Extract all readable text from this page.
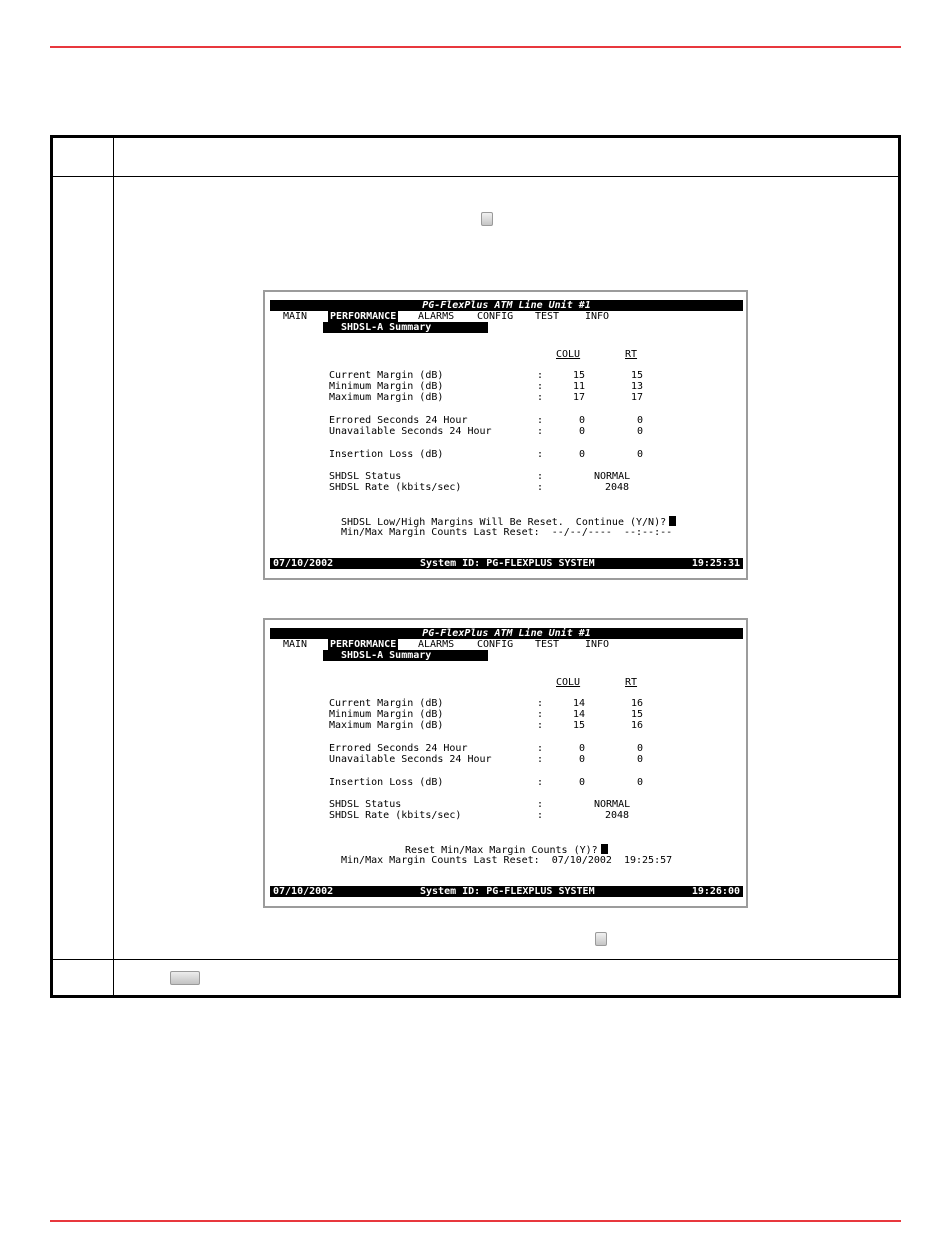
PG-FlexPlus ATM Line Unit #1
MAIN PERFORMANCE ALARMS CONFIG TEST	INFO
SHDSL-A Summary
COLU	RT
Current Margin (dB)	:	15	15
Minimum Margin (dB)	:	11	13
Maximum Margin (dB)	:	17	17
Errored Seconds 24 Hour	:	0	0
Unavailable Seconds 24 Hour	:	0	0
Insertion Loss (dB)	:	0	0
SHDSL Status	:	NORMAL
SHDSL Rate (kbits/sec)	:	2048
SHDSL Low/High Margins Will Be Reset.  Continue (Y/N)?
Min/Max Margin Counts Last Reset:  --/--/----  --:--:--
07/10/2002	System ID: PG-FLEXPLUS SYSTEM	19:25:31
PG-FlexPlus ATM Line Unit #1
MAIN PERFORMANCE ALARMS CONFIG TEST	INFO
SHDSL-A Summary
COLU	RT
Current Margin (dB)	:	14	16
Minimum Margin (dB)	:	14	15
Maximum Margin (dB)	:	15	16
Errored Seconds 24 Hour	:	0	0
Unavailable Seconds 24 Hour	:	0	0
Insertion Loss (dB)	:	0	0
SHDSL Status	:	NORMAL
SHDSL Rate (kbits/sec)	:	2048
Reset Min/Max Margin Counts (Y)?
Min/Max Margin Counts Last Reset:  07/10/2002  19:25:57
07/10/2002	System ID: PG-FLEXPLUS SYSTEM	19:26:00
